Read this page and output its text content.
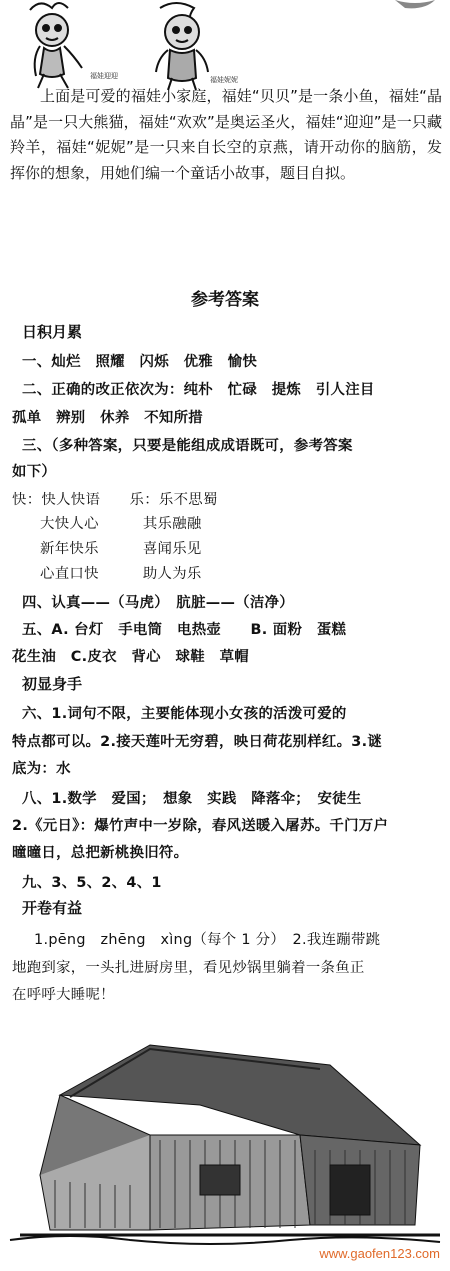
福娃迎迎	福娃妮妮
上面是可爱的福娃小家庭，福娃“贝贝”是一条小鱼，福娃“晶晶”是一只大熊猫，福娃“欢欢”是奥运圣火，福娃“迎迎”是一只藏羚羊，福娃“妮妮”是一只来自长空的京燕，请开动你的脑筋，发挥你的想象，用她们编一个童话小故事，题目自拟。
参考答案
日积月累
一、灿烂　照耀　闪烁　优雅　愉快
二、正确的改正依次为：纯朴　忙碌　提炼　引人注目
孤单　辨别　休养　不知所措
三、（多种答案，只要是能组成成语既可，参考答案
如下）
快：快人快语　　乐：乐不思蜀
大快人心　　　其乐融融
新年快乐　　　喜闻乐见
心直口快　　　助人为乐
四、认真——（马虎）　肮脏——（洁净）
五、A. 台灯　手电筒　电热壶　　B. 面粉　蛋糕
花生油　C.皮衣　背心　球鞋　草帽
初显身手
六、1.词句不限，主要能体现小女孩的活泼可爱的
特点都可以。2.接天莲叶无穷碧，映日荷花别样红。3.谜
底为：水
八、1.数学　爱国；　想象　实践　降落伞；　安徒生
2.《元日》：爆竹声中一岁除，春风送暖入屠苏。千门万户
曈曈日，总把新桃换旧符。
九、3、5、2、4、1
开卷有益
1.pēng　zhēng　xìng（每个 1 分）　2.我连蹦带跳
地跑到家，一头扎进厨房里，看见炒锅里躺着一条鱼正
在呼呼大睡呢！
www.gaofen123.com
